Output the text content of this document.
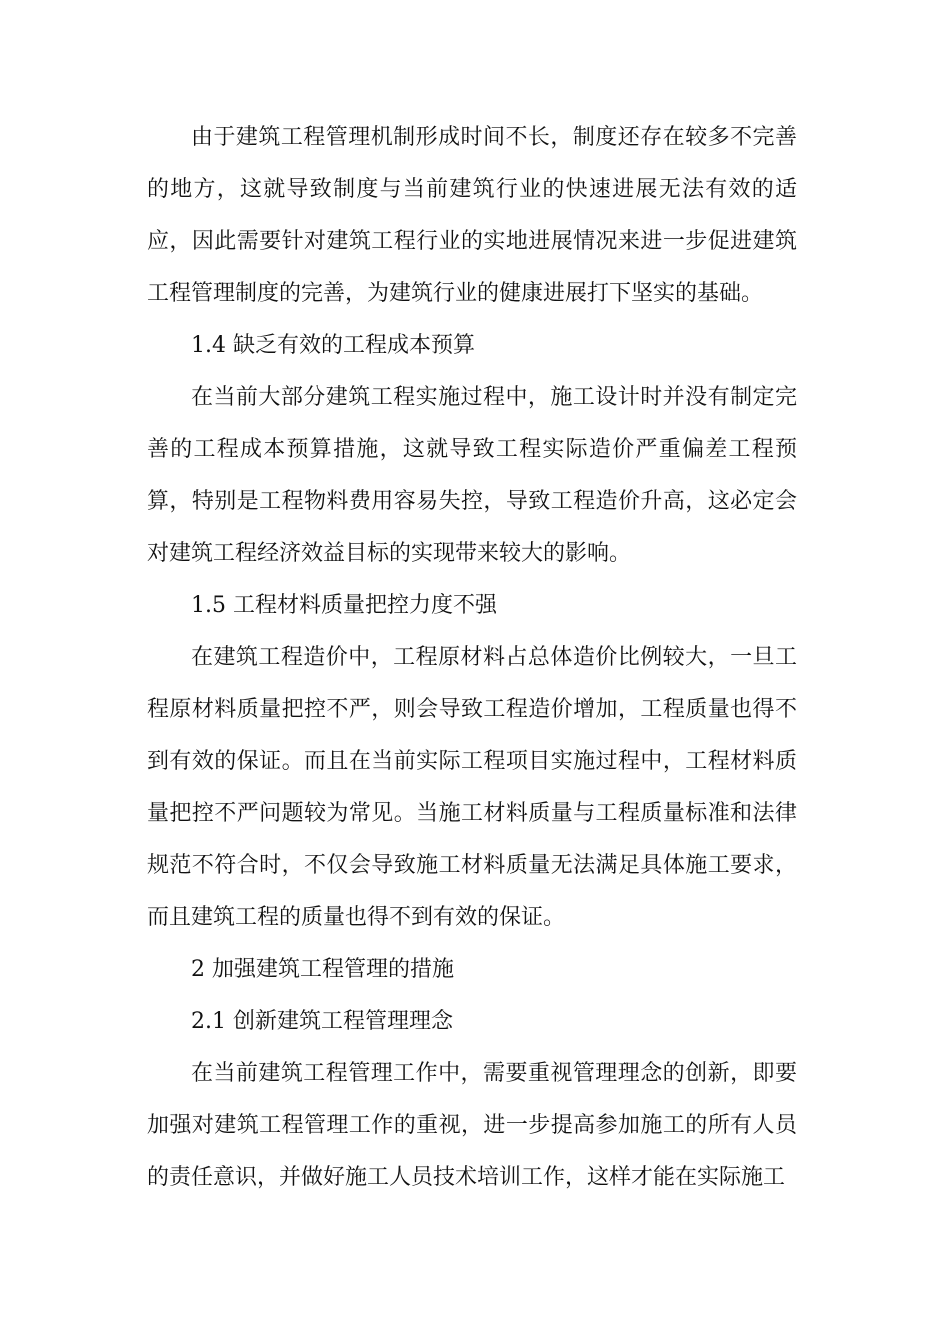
由于建筑工程管理机制形成时间不长，制度还存在较多不完善的地方，这就导致制度与当前建筑行业的快速进展无法有效的适应，因此需要针对建筑工程行业的实地进展情况来进一步促进建筑工程管理制度的完善，为建筑行业的健康进展打下坚实的基础。

1.4 缺乏有效的工程成本预算

在当前大部分建筑工程实施过程中，施工设计时并没有制定完善的工程成本预算措施，这就导致工程实际造价严重偏差工程预算，特别是工程物料费用容易失控，导致工程造价升高，这必定会对建筑工程经济效益目标的实现带来较大的影响。

1.5 工程材料质量把控力度不强

在建筑工程造价中，工程原材料占总体造价比例较大，一旦工程原材料质量把控不严，则会导致工程造价增加，工程质量也得不到有效的保证。而且在当前实际工程项目实施过程中，工程材料质量把控不严问题较为常见。当施工材料质量与工程质量标准和法律规范不符合时，不仅会导致施工材料质量无法满足具体施工要求，而且建筑工程的质量也得不到有效的保证。

2 加强建筑工程管理的措施

2.1 创新建筑工程管理理念

在当前建筑工程管理工作中，需要重视管理理念的创新，即要加强对建筑工程管理工作的重视，进一步提高参加施工的所有人员的责任意识，并做好施工人员技术培训工作，这样才能在实际施工
